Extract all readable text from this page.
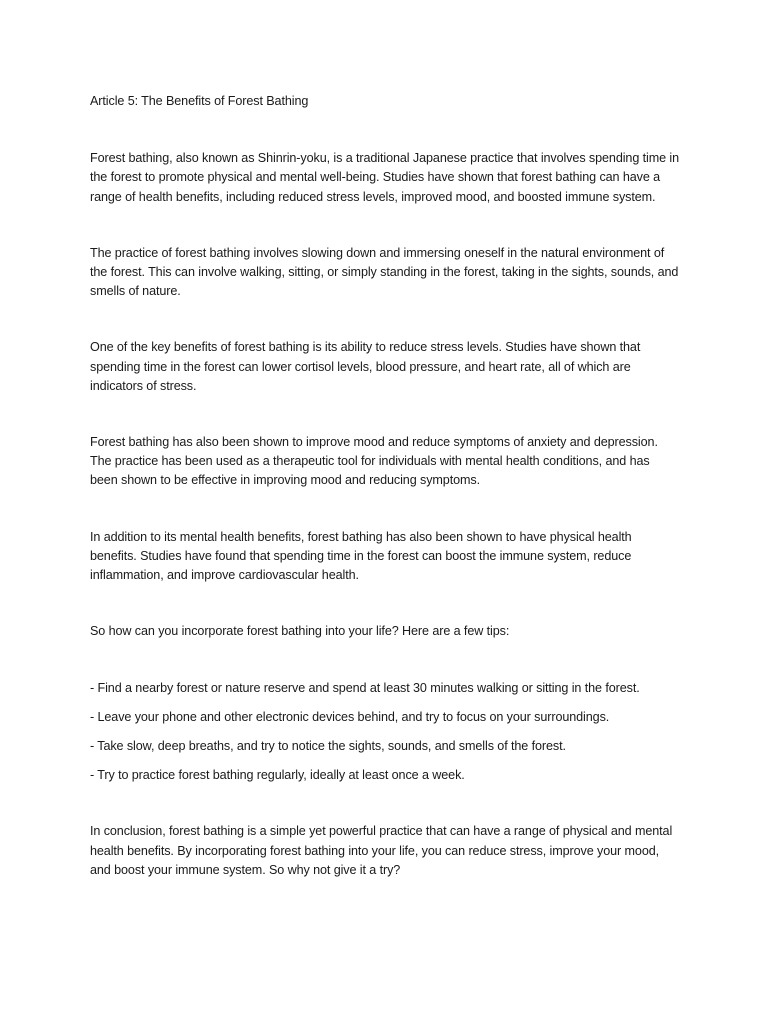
Article 5: The Benefits of Forest Bathing

Forest bathing, also known as Shinrin-yoku, is a traditional Japanese practice that involves spending time in the forest to promote physical and mental well-being. Studies have shown that forest bathing can have a range of health benefits, including reduced stress levels, improved mood, and boosted immune system.

The practice of forest bathing involves slowing down and immersing oneself in the natural environment of the forest. This can involve walking, sitting, or simply standing in the forest, taking in the sights, sounds, and smells of nature.

One of the key benefits of forest bathing is its ability to reduce stress levels. Studies have shown that spending time in the forest can lower cortisol levels, blood pressure, and heart rate, all of which are indicators of stress.

Forest bathing has also been shown to improve mood and reduce symptoms of anxiety and depression. The practice has been used as a therapeutic tool for individuals with mental health conditions, and has been shown to be effective in improving mood and reducing symptoms.

In addition to its mental health benefits, forest bathing has also been shown to have physical health benefits. Studies have found that spending time in the forest can boost the immune system, reduce inflammation, and improve cardiovascular health.

So how can you incorporate forest bathing into your life? Here are a few tips:

- Find a nearby forest or nature reserve and spend at least 30 minutes walking or sitting in the forest.

- Leave your phone and other electronic devices behind, and try to focus on your surroundings.

- Take slow, deep breaths, and try to notice the sights, sounds, and smells of the forest.

- Try to practice forest bathing regularly, ideally at least once a week.

In conclusion, forest bathing is a simple yet powerful practice that can have a range of physical and mental health benefits. By incorporating forest bathing into your life, you can reduce stress, improve your mood, and boost your immune system. So why not give it a try?
